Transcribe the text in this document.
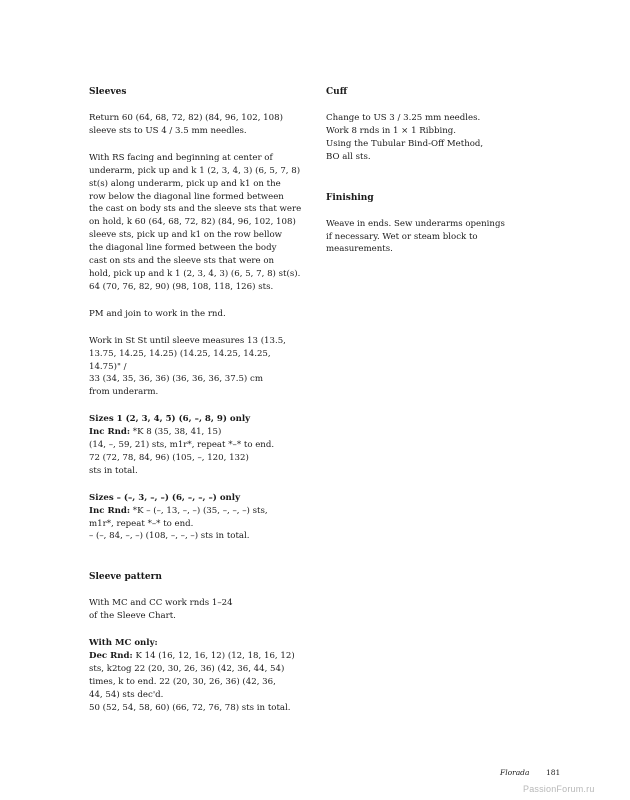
Sleeves

Return 60 (64, 68, 72, 82) (84, 96, 102, 108)
sleeve sts to US 4 / 3.5 mm needles.

With RS facing and beginning at center of
underarm, pick up and k 1 (2, 3, 4, 3) (6, 5, 7, 8)
st(s) along underarm, pick up and k1 on the
row below the diagonal line formed between
the cast on body sts and the sleeve sts that were
on hold, k 60 (64, 68, 72, 82) (84, 96, 102, 108)
sleeve sts, pick up and k1 on the row bellow
the diagonal line formed between the body
cast on sts and the sleeve sts that were on
hold, pick up and k 1 (2, 3, 4, 3) (6, 5, 7, 8) st(s).
64 (70, 76, 82, 90) (98, 108, 118, 126) sts.

PM and join to work in the rnd.

Work in St St until sleeve measures 13 (13.5,
13.75, 14.25, 14.25) (14.25, 14.25, 14.25, 14.75)" /
33 (34, 35, 36, 36) (36, 36, 36, 37.5) cm
from underarm.

Sizes 1 (2, 3, 4, 5) (6, –, 8, 9) only
Inc Rnd: *K 8 (35, 38, 41, 15)
(14, –, 59, 21) sts, m1r*, repeat *–* to end.
72 (72, 78, 84, 96) (105, –, 120, 132)
sts in total.
Sizes – (–, 3, –, –) (6, –, –, –) only
Inc Rnd: *K – (–, 13, –, –) (35, –, –, –) sts,
m1r*, repeat *–* to end.
– (–, 84, –, –) (108, –, –, –) sts in total.
Sleeve pattern

With MC and CC work rnds 1–24
of the Sleeve Chart.

With MC only:
Dec Rnd: K 14 (16, 12, 16, 12) (12, 18, 16, 12)
sts, k2tog 22 (20, 30, 26, 36) (42, 36, 44, 54)
times, k to end. 22 (20, 30, 26, 36) (42, 36,
44, 54) sts dec'd.
50 (52, 54, 58, 60) (66, 72, 76, 78) sts in total.
Cuff

Change to US 3 / 3.25 mm needles.
Work 8 rnds in 1 × 1 Ribbing.
Using the Tubular Bind-Off Method,
BO all sts.

Finishing

Weave in ends. Sew underarms openings
if necessary. Wet or steam block to
measurements.

Florada 181
PassionForum.ru
